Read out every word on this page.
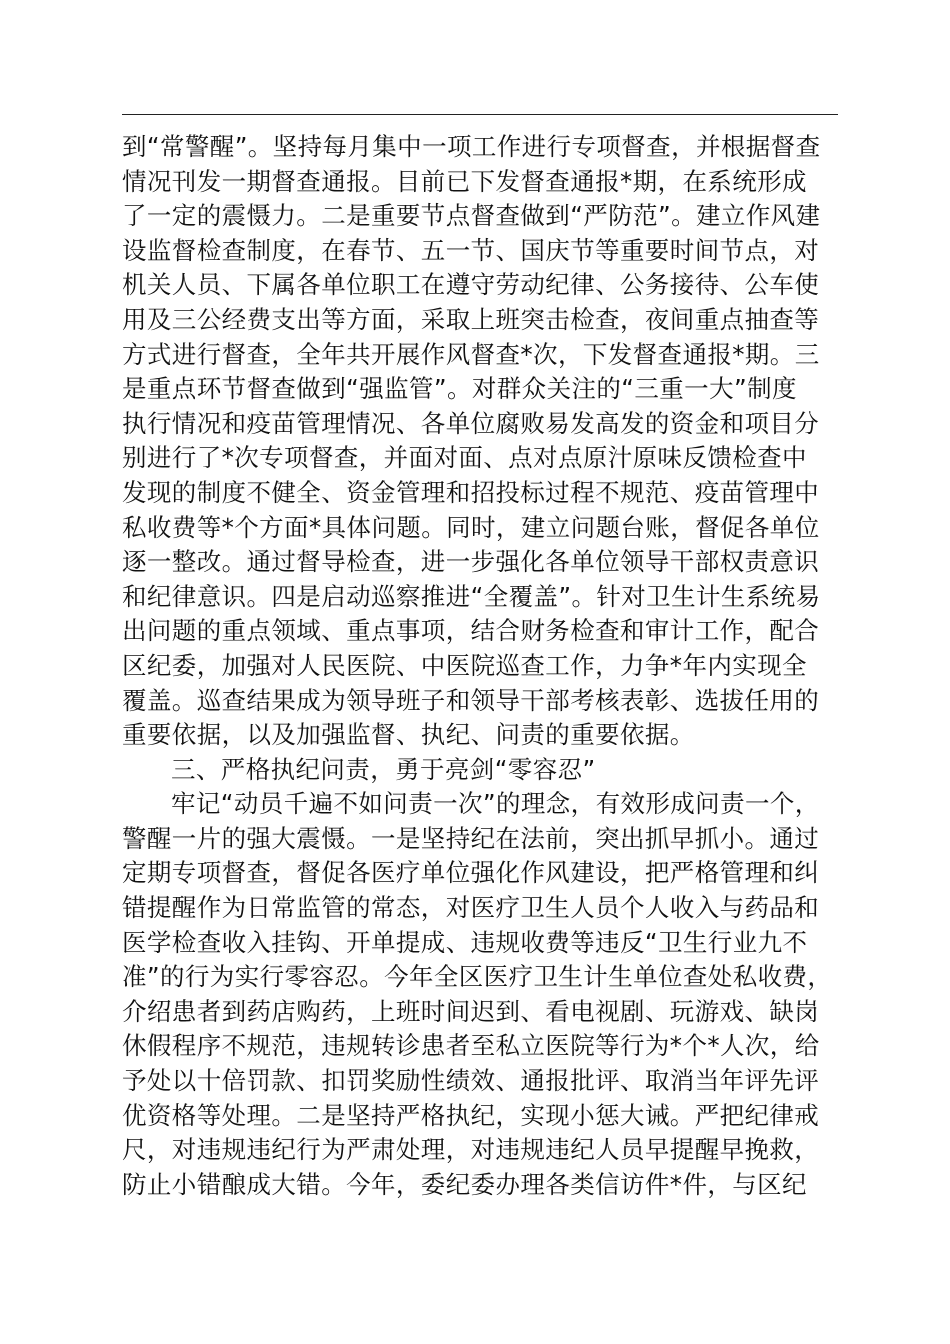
到“常警醒”。坚持每月集中一项工作进行专项督查，并根据督查
情况刊发一期督查通报。目前已下发督查通报*期，在系统形成
了一定的震慑力。二是重要节点督查做到“严防范”。建立作风建
设监督检查制度，在春节、五一节、国庆节等重要时间节点，对
机关人员、下属各单位职工在遵守劳动纪律、公务接待、公车使
用及三公经费支出等方面，采取上班突击检查，夜间重点抽查等
方式进行督查，全年共开展作风督查*次，下发督查通报*期。三
是重点环节督查做到“强监管”。对群众关注的“三重一大”制度
执行情况和疫苗管理情况、各单位腐败易发高发的资金和项目分
别进行了*次专项督查，并面对面、点对点原汁原味反馈检查中
发现的制度不健全、资金管理和招投标过程不规范、疫苗管理中
私收费等*个方面*具体问题。同时，建立问题台账，督促各单位
逐一整改。通过督导检查，进一步强化各单位领导干部权责意识
和纪律意识。四是启动巡察推进“全覆盖”。针对卫生计生系统易
出问题的重点领域、重点事项，结合财务检查和审计工作，配合
区纪委，加强对人民医院、中医院巡查工作，力争*年内实现全
覆盖。巡查结果成为领导班子和领导干部考核表彰、选拔任用的
重要依据，以及加强监督、执纪、问责的重要依据。
三、严格执纪问责，勇于亮剑“零容忍”
牢记“动员千遍不如问责一次”的理念，有效形成问责一个，
警醒一片的强大震慑。一是坚持纪在法前，突出抓早抓小。通过
定期专项督查，督促各医疗单位强化作风建设，把严格管理和纠
错提醒作为日常监管的常态，对医疗卫生人员个人收入与药品和
医学检查收入挂钩、开单提成、违规收费等违反“卫生行业九不
准”的行为实行零容忍。今年全区医疗卫生计生单位查处私收费，
介绍患者到药店购药，上班时间迟到、看电视剧、玩游戏、缺岗
休假程序不规范，违规转诊患者至私立医院等行为*个*人次，给
予处以十倍罚款、扣罚奖励性绩效、通报批评、取消当年评先评
优资格等处理。二是坚持严格执纪，实现小惩大诫。严把纪律戒
尺，对违规违纪行为严肃处理，对违规违纪人员早提醒早挽救，
防止小错酿成大错。今年，委纪委办理各类信访件*件，与区纪
